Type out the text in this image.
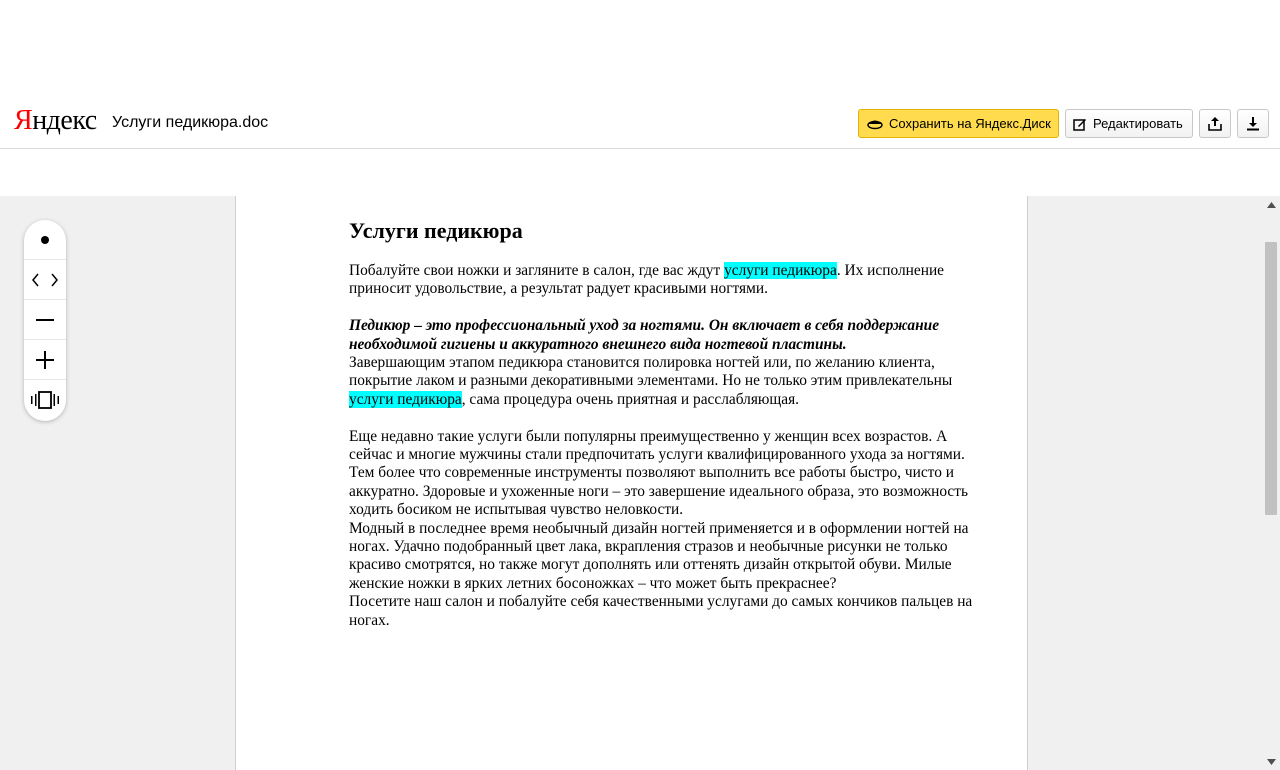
Яндекс Услуги педикюра.doc	Сохранить на Яндекс.Диск	Редактировать
Услуги педикюра

Побалуйте свои ножки и загляните в салон, где вас ждут услуги педикюра. Их исполнение приносит удовольствие, а результат радует красивыми ногтями.

Педикюр – это профессиональный уход за ногтями. Он включает в себя поддержание необходимой гигиены и аккуратного внешнего вида ногтевой пластины.

Завершающим этапом педикюра становится полировка ногтей или, по желанию клиента, покрытие лаком и разными декоративными элементами. Но не только этим привлекательны услуги педикюра, сама процедура очень приятная и расслабляющая.

Еще недавно такие услуги были популярны преимущественно у женщин всех возрастов. А сейчас и многие мужчины стали предпочитать услуги квалифицированного ухода за ногтями. Тем более что современные инструменты позволяют выполнить все работы быстро, чисто и аккуратно. Здоровые и ухоженные ноги – это завершение идеального образа, это возможность ходить босиком не испытывая чувство неловкости.

Модный в последнее время необычный дизайн ногтей применяется и в оформлении ногтей на ногах. Удачно подобранный цвет лака, вкрапления стразов и необычные рисунки не только красиво смотрятся, но также могут дополнять или оттенять дизайн открытой обуви. Милые женские ножки в ярких летних босоножках – что может быть прекраснее?

Посетите наш салон и побалуйте себя качественными услугами до самых кончиков пальцев на ногах.
